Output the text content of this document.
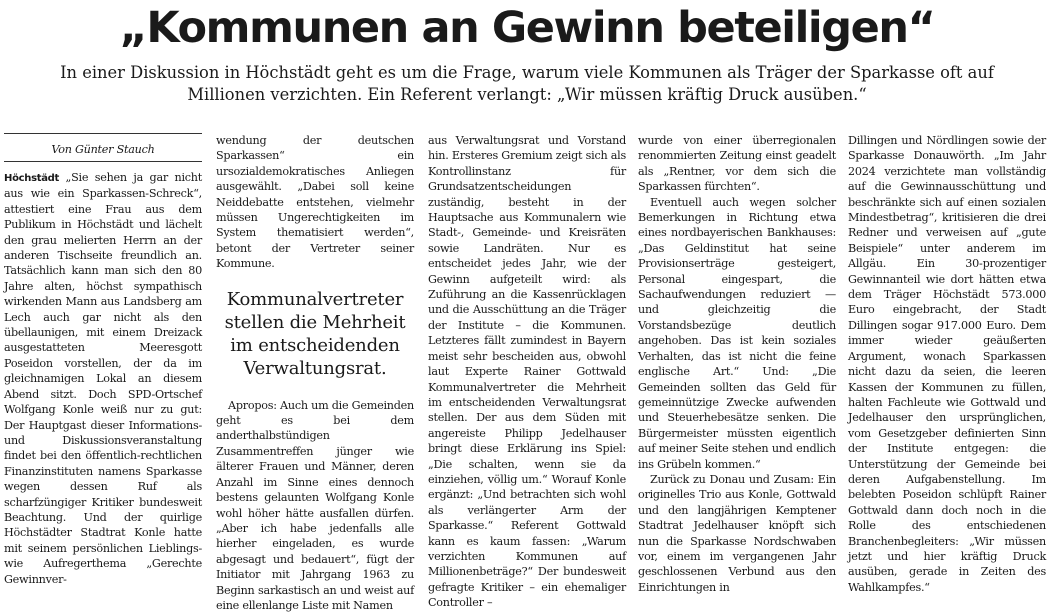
„Kommunen an Gewinn beteiligen“
In einer Diskussion in Höchstädt geht es um die Frage, warum viele Kommunen als Träger der Sparkasse oft auf Millionen verzichten. Ein Referent verlangt: „Wir müssen kräftig Druck ausüben.“
Von Günter Stauch

Höchstädt „Sie sehen ja gar nicht aus wie ein Sparkassen-Schreck“, attestiert eine Frau aus dem Publikum in Höchstädt und lächelt den grau melierten Herrn an der anderen Tischseite freundlich an. Tatsächlich kann man sich den 80 Jahre alten, höchst sympathisch wirkenden Mann aus Landsberg am Lech auch gar nicht als den übellaunigen, mit einem Dreizack ausgestatteten Meeresgott Poseidon vorstellen, der da im gleichnamigen Lokal an diesem Abend sitzt. Doch SPD-Ortschef Wolfgang Konle weiß nur zu gut: Der Hauptgast dieser Informations- und Diskussionsveranstaltung findet bei den öffentlich-rechtlichen Finanzinstituten namens Sparkasse wegen dessen Ruf als scharfzüngiger Kritiker bundesweit Beachtung. Und der quirlige Höchstädter Stadtrat Konle hatte mit seinem persönlichen Lieblings- wie Aufregerthema „Gerechte Gewinnver-

wendung der deutschen Sparkassen“ ein ursozialdemokratisches Anliegen ausgewählt. „Dabei soll keine Neiddebatte entstehen, vielmehr müssen Ungerechtigkeiten im System thematisiert werden“, betont der Vertreter seiner Kommune.

Kommunalvertreter stellen die Mehrheit im entscheidenden Verwaltungsrat.

Apropos: Auch um die Gemeinden geht es bei dem anderthalbstündigen Zusammentreffen jünger wie älterer Frauen und Männer, deren Anzahl im Sinne eines dennoch bestens gelaunten Wolfgang Konle wohl höher hätte ausfallen dürfen. „Aber ich habe jedenfalls alle hierher eingeladen, es wurde abgesagt und bedauert“, fügt der Initiator mit Jahrgang 1963 zu Beginn sarkastisch an und weist auf eine ellenlange Liste mit Namen

aus Verwaltungsrat und Vorstand hin. Ersteres Gremium zeigt sich als Kontrollinstanz für Grundsatzentscheidungen zuständig, besteht in der Hauptsache aus Kommunalern wie Stadt-, Gemeinde- und Kreisräten sowie Landräten. Nur es entscheidet jedes Jahr, wie der Gewinn aufgeteilt wird: als Zuführung an die Kassenrücklagen und die Ausschüttung an die Träger der Institute – die Kommunen. Letzteres fällt zumindest in Bayern meist sehr bescheiden aus, obwohl laut Experte Rainer Gottwald Kommunalvertreter die Mehrheit im entscheidenden Verwaltungsrat stellen. Der aus dem Süden mit angereiste Philipp Jedelhauser bringt diese Erklärung ins Spiel: „Die schalten, wenn sie da einziehen, völlig um.“ Worauf Konle ergänzt: „Und betrachten sich wohl als verlängerter Arm der Sparkasse.“ Referent Gottwald kann es kaum fassen: „Warum verzichten Kommunen auf Millionenbeträge?“ Der bundesweit gefragte Kritiker – ein ehemaliger Controller –

wurde von einer überregionalen renommierten Zeitung einst geadelt als „Rentner, vor dem sich die Sparkassen fürchten“.

Eventuell auch wegen solcher Bemerkungen in Richtung etwa eines nordbayerischen Bankhauses: „Das Geldinstitut hat seine Provisionserträge gesteigert, Personal eingespart, die Sachaufwendungen reduziert — und gleichzeitig die Vorstandsbezüge deutlich angehoben. Das ist kein soziales Verhalten, das ist nicht die feine englische Art.“ Und: „Die Gemeinden sollten das Geld für gemeinnützige Zwecke aufwenden und Steuerhebesätze senken. Die Bürgermeister müssten eigentlich auf meiner Seite stehen und endlich ins Grübeln kommen.“

Zurück zu Donau und Zusam: Ein originelles Trio aus Konle, Gottwald und den langjährigen Kemptener Stadtrat Jedelhauser knöpft sich nun die Sparkasse Nordschwaben vor, einem im vergangenen Jahr geschlossenen Verbund aus den Einrichtungen in

Dillingen und Nördlingen sowie der Sparkasse Donauwörth. „Im Jahr 2024 verzichtete man vollständig auf die Gewinnausschüttung und beschränkte sich auf einen sozialen Mindestbetrag“, kritisieren die drei Redner und verweisen auf „gute Beispiele“ unter anderem im Allgäu. Ein 30-prozentiger Gewinnanteil wie dort hätten etwa dem Träger Höchstädt 573.000 Euro eingebracht, der Stadt Dillingen sogar 917.000 Euro. Dem immer wieder geäußerten Argument, wonach Sparkassen nicht dazu da seien, die leeren Kassen der Kommunen zu füllen, halten Fachleute wie Gottwald und Jedelhauser den ursprünglichen, vom Gesetzgeber definierten Sinn der Institute entgegen: die Unterstützung der Gemeinde bei deren Aufgabenstellung. Im belebten Poseidon schlüpft Rainer Gottwald dann doch noch in die Rolle des entschiedenen Branchenbegleiters: „Wir müssen jetzt und hier kräftig Druck ausüben, gerade in Zeiten des Wahlkampfes.“
